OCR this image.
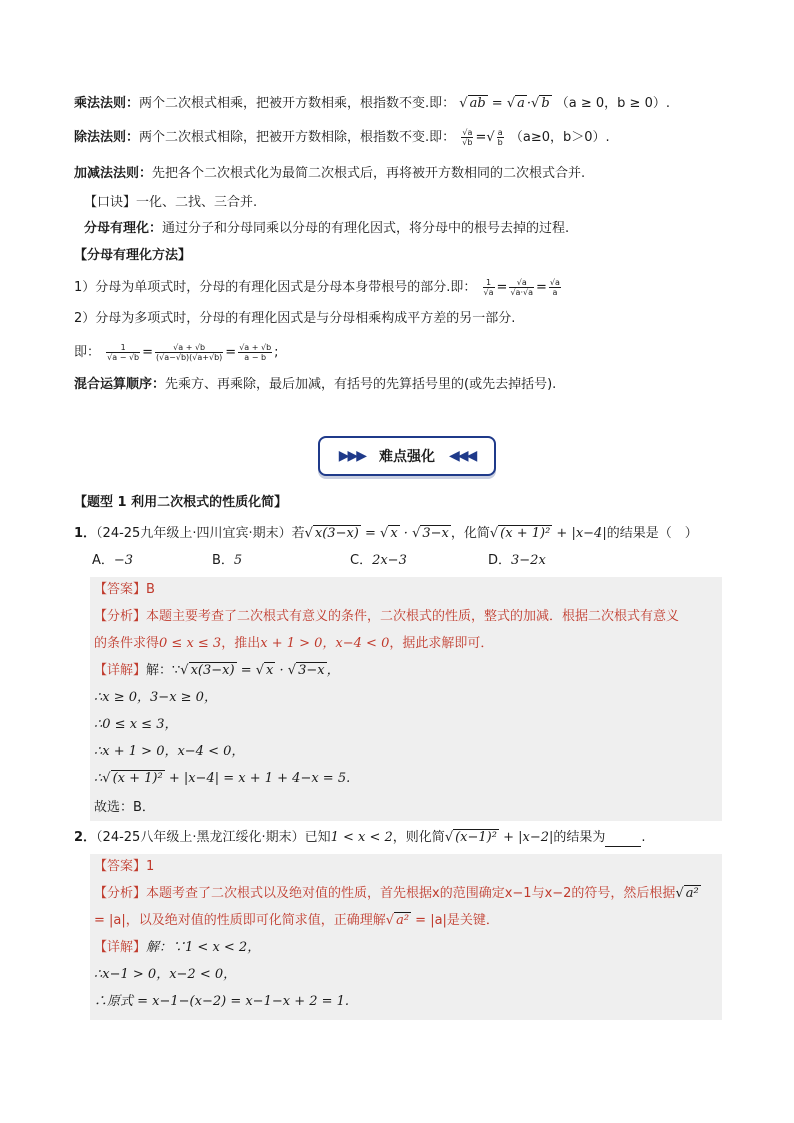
乘法法则：两个二次根式相乘，把被开方数相乘，根指数不变.即： √ ab = √ a ·√ b （a ≥ 0，b ≥ 0）.
除法法则：两个二次根式相除，把被开方数相除，根指数不变.即： $\frac{√a}{√b}$ =√ $\frac{a}{b} (a\ge 0$，b＞0）.
加减法法则：先把各个二次根式化为最简二次根式后，再将被开方数相同的二次根式合并.
【口诀】一化、二找、三合并.
分母有理化：通过分子和分母同乘以分母的有理化因式，将分母中的根号去掉的过程.
【分母有理化方法】
1）分母为单项式时，分母的有理化因式是分母本身带根号的部分.即： $\frac{1}{√a} = \frac{√a}{√a\cdot√a} = \frac{√a}{a}$
2）分母为多项式时，分母的有理化因式是与分母相乘构成平方差的另一部分.
即： $\frac{1}{√a - √b} = \frac{√a + √b}{(√a-√b)(√a+√b)} = \frac{√a + √b}{a - b}$ ;
混合运算顺序：先乘方、再乘除，最后加减，有括号的先算括号里的(或先去掉括号).
▶▶▶ 难点强化 ◀◀◀
【题型 1 利用二次根式的性质化简】
1．（24-25九年级上·四川宜宾·期末）若√ x(3−x) = √ x · √ 3−x ，化简√ (x + 1)² + |x−4|的结果是（　）
A．−3	B．5	C．2x−3	D．3−2x
【答案】B
【分析】本题主要考查了二次根式有意义的条件，二次根式的性质，整式的加减．根据二次根式有意义
的条件求得0 ≤ x ≤ 3，推出x + 1 > 0，x−4 < 0，据此求解即可．
【详解】解：∵√ x(3−x) = √ x · √ 3−x ，
∴x ≥ 0，3−x ≥ 0，
∴0 ≤ x ≤ 3，
∴x + 1 > 0，x−4 < 0，
∴√ (x + 1)² + |x−4| = x + 1 + 4−x = 5.
故选：B．
2．（24-25八年级上·黑龙江绥化·期末）已知1 < x < 2，则化简√ (x−1)² + |x−2|的结果为	.
【答案】1
【分析】本题考查了二次根式以及绝对值的性质，首先根据x的范围确定x−1与x−2的符号，然后根据√ a²
= |a|，以及绝对值的性质即可化简求值，正确理解√ a² = |a|是关键．
【详解】解：∵1 < x < 2，
∴x−1 > 0，x−2 < 0，
∴原式 = x−1−(x−2) = x−1−x + 2 = 1.
